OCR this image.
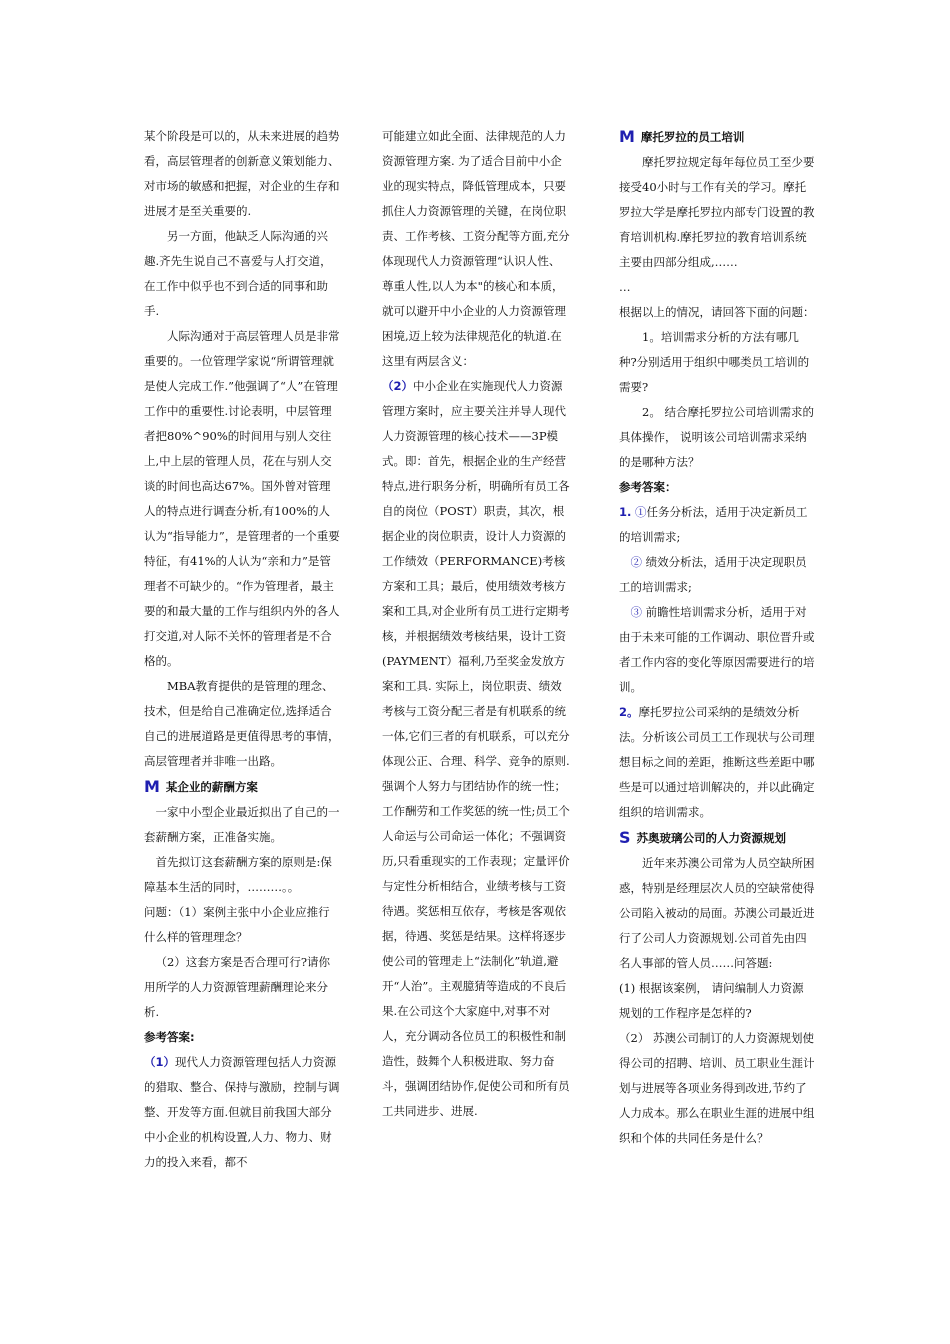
某个阶段是可以的，从未来进展的趋势看，高层管理者的创新意义策划能力、对市场的敏感和把握，对企业的生存和进展才是至关重要的.

另一方面，他缺乏人际沟通的兴趣.齐先生说自己不喜爱与人打交道，在工作中似乎也不到合适的同事和助手.

人际沟通对于高层管理人员是非常重要的。一位管理学家说“所谓管理就是使人完成工作.”他强调了“人”在管理工作中的重要性.讨论表明，中层管理者把80%^90%的时间用与别人交往上,中上层的管理人员，花在与别人交谈的时间也高达67%。国外曾对管理人的特点进行调查分析,有100%的人认为“指导能力”，是管理者的一个重要特征，有41%的人认为“亲和力”是管理者不可缺少的。“作为管理者，最主要的和最大量的工作与组织内外的各人打交道,对人际不关怀的管理者是不合格的。

MBA教育提供的是管理的理念、技术，但是给自己准确定位,选择适合自己的进展道路是更值得思考的事情，高层管理者并非唯一出路。

M 某企业的薪酬方案

一家中小型企业最近拟出了自己的一套薪酬方案，正准备实施。

首先拟订这套薪酬方案的原则是:保障基本生活的同时，………。。

问题：（1）案例主张中小企业应推行什么样的管理理念？

（2）这套方案是否合理可行?请你用所学的人力资源管理薪酬理论来分析.

参考答案:

（1）现代人力资源管理包括人力资源的猎取、整合、保持与激励，控制与调整、开发等方面.但就目前我国大部分中小企业的机构设置,人力、物力、财力的投入来看，都不

可能建立如此全面、法律规范的人力资源管理方案. 为了适合目前中小企业的现实特点，降低管理成本，只要抓住人力资源管理的关键，在岗位职责、工作考核、工资分配等方面,充分体现现代人力资源管理“认识人性、尊重人性,以人为本"的核心和本质，就可以避开中小企业的人力资源管理困境,迈上较为法律规范化的轨道.在这里有两层含义：

（2）中小企业在实施现代人力资源管理方案时，应主要关注并导人现代人力资源管理的核心技术——3P模式。即：首先，根据企业的生产经营特点,进行职务分析，明确所有员工各自的岗位（POST）职责，其次，根据企业的岗位职责，设计人力资源的工作绩效（PERFORMANCE)考核方案和工具；最后，使用绩效考核方案和工具,对企业所有员工进行定期考核，并根据绩效考核结果，设计工资(PAYMENT）福利,乃至奖金发放方案和工具. 实际上，岗位职责、绩效考核与工资分配三者是有机联系的统一体,它们三者的有机联系，可以充分体现公正、合理、科学、竞争的原则.强调个人努力与团结协作的统一性；工作酬劳和工作奖惩的统一性;员工个人命运与公司命运一体化；不强调资历,只看重现实的工作表现；定量评价与定性分析相结合，业绩考核与工资待遇。奖惩相互依存，考核是客观依据，待遇、奖惩是结果。这样将逐步使公司的管理走上“法制化”轨道,避开“人治”。主观臆猜等造成的不良后果.在公司这个大家庭中,对事不对人，充分调动各位员工的积极性和制造性，鼓舞个人积极进取、努力奋斗，强调团结协作,促使公司和所有员工共同进步、进展.

M 摩托罗拉的员工培训

摩托罗拉规定每年每位员工至少要接受40小时与工作有关的学习。摩托罗拉大学是摩托罗拉内部专门设置的教育培训机构.摩托罗拉的教育培训系统主要由四部分组成,……

…

根据以上的情况，请回答下面的问题：

1。培训需求分析的方法有哪几种?分别适用于组织中哪类员工培训的需要?

2。 结合摩托罗拉公司培训需求的具体操作， 说明该公司培训需求采纳的是哪种方法？

参考答案：

1. ①任务分析法，适用于决定新员工的培训需求;

② 绩效分析法，适用于决定现职员工的培训需求;

③ 前瞻性培训需求分析，适用于对由于未来可能的工作调动、职位晋升或者工作内容的变化等原因需要进行的培训。

2。摩托罗拉公司采纳的是绩效分析法。分析该公司员工工作现状与公司理想目标之间的差距，推断这些差距中哪些是可以通过培训解决的，并以此确定组织的培训需求。

S 苏奥玻璃公司的人力资源规划

近年来苏澳公司常为人员空缺所困惑，特别是经理层次人员的空缺常使得公司陷入被动的局面。苏澳公司最近进行了公司人力资源规划.公司首先由四名人事部的管人员……问答题:

(1) 根据该案例， 请问编制人力资源规划的工作程序是怎样的?

（2） 苏澳公司制订的人力资源规划使得公司的招聘、培训、员工职业生涯计划与进展等各项业务得到改进,节约了人力成本。那么在职业生涯的进展中组织和个体的共同任务是什么？
